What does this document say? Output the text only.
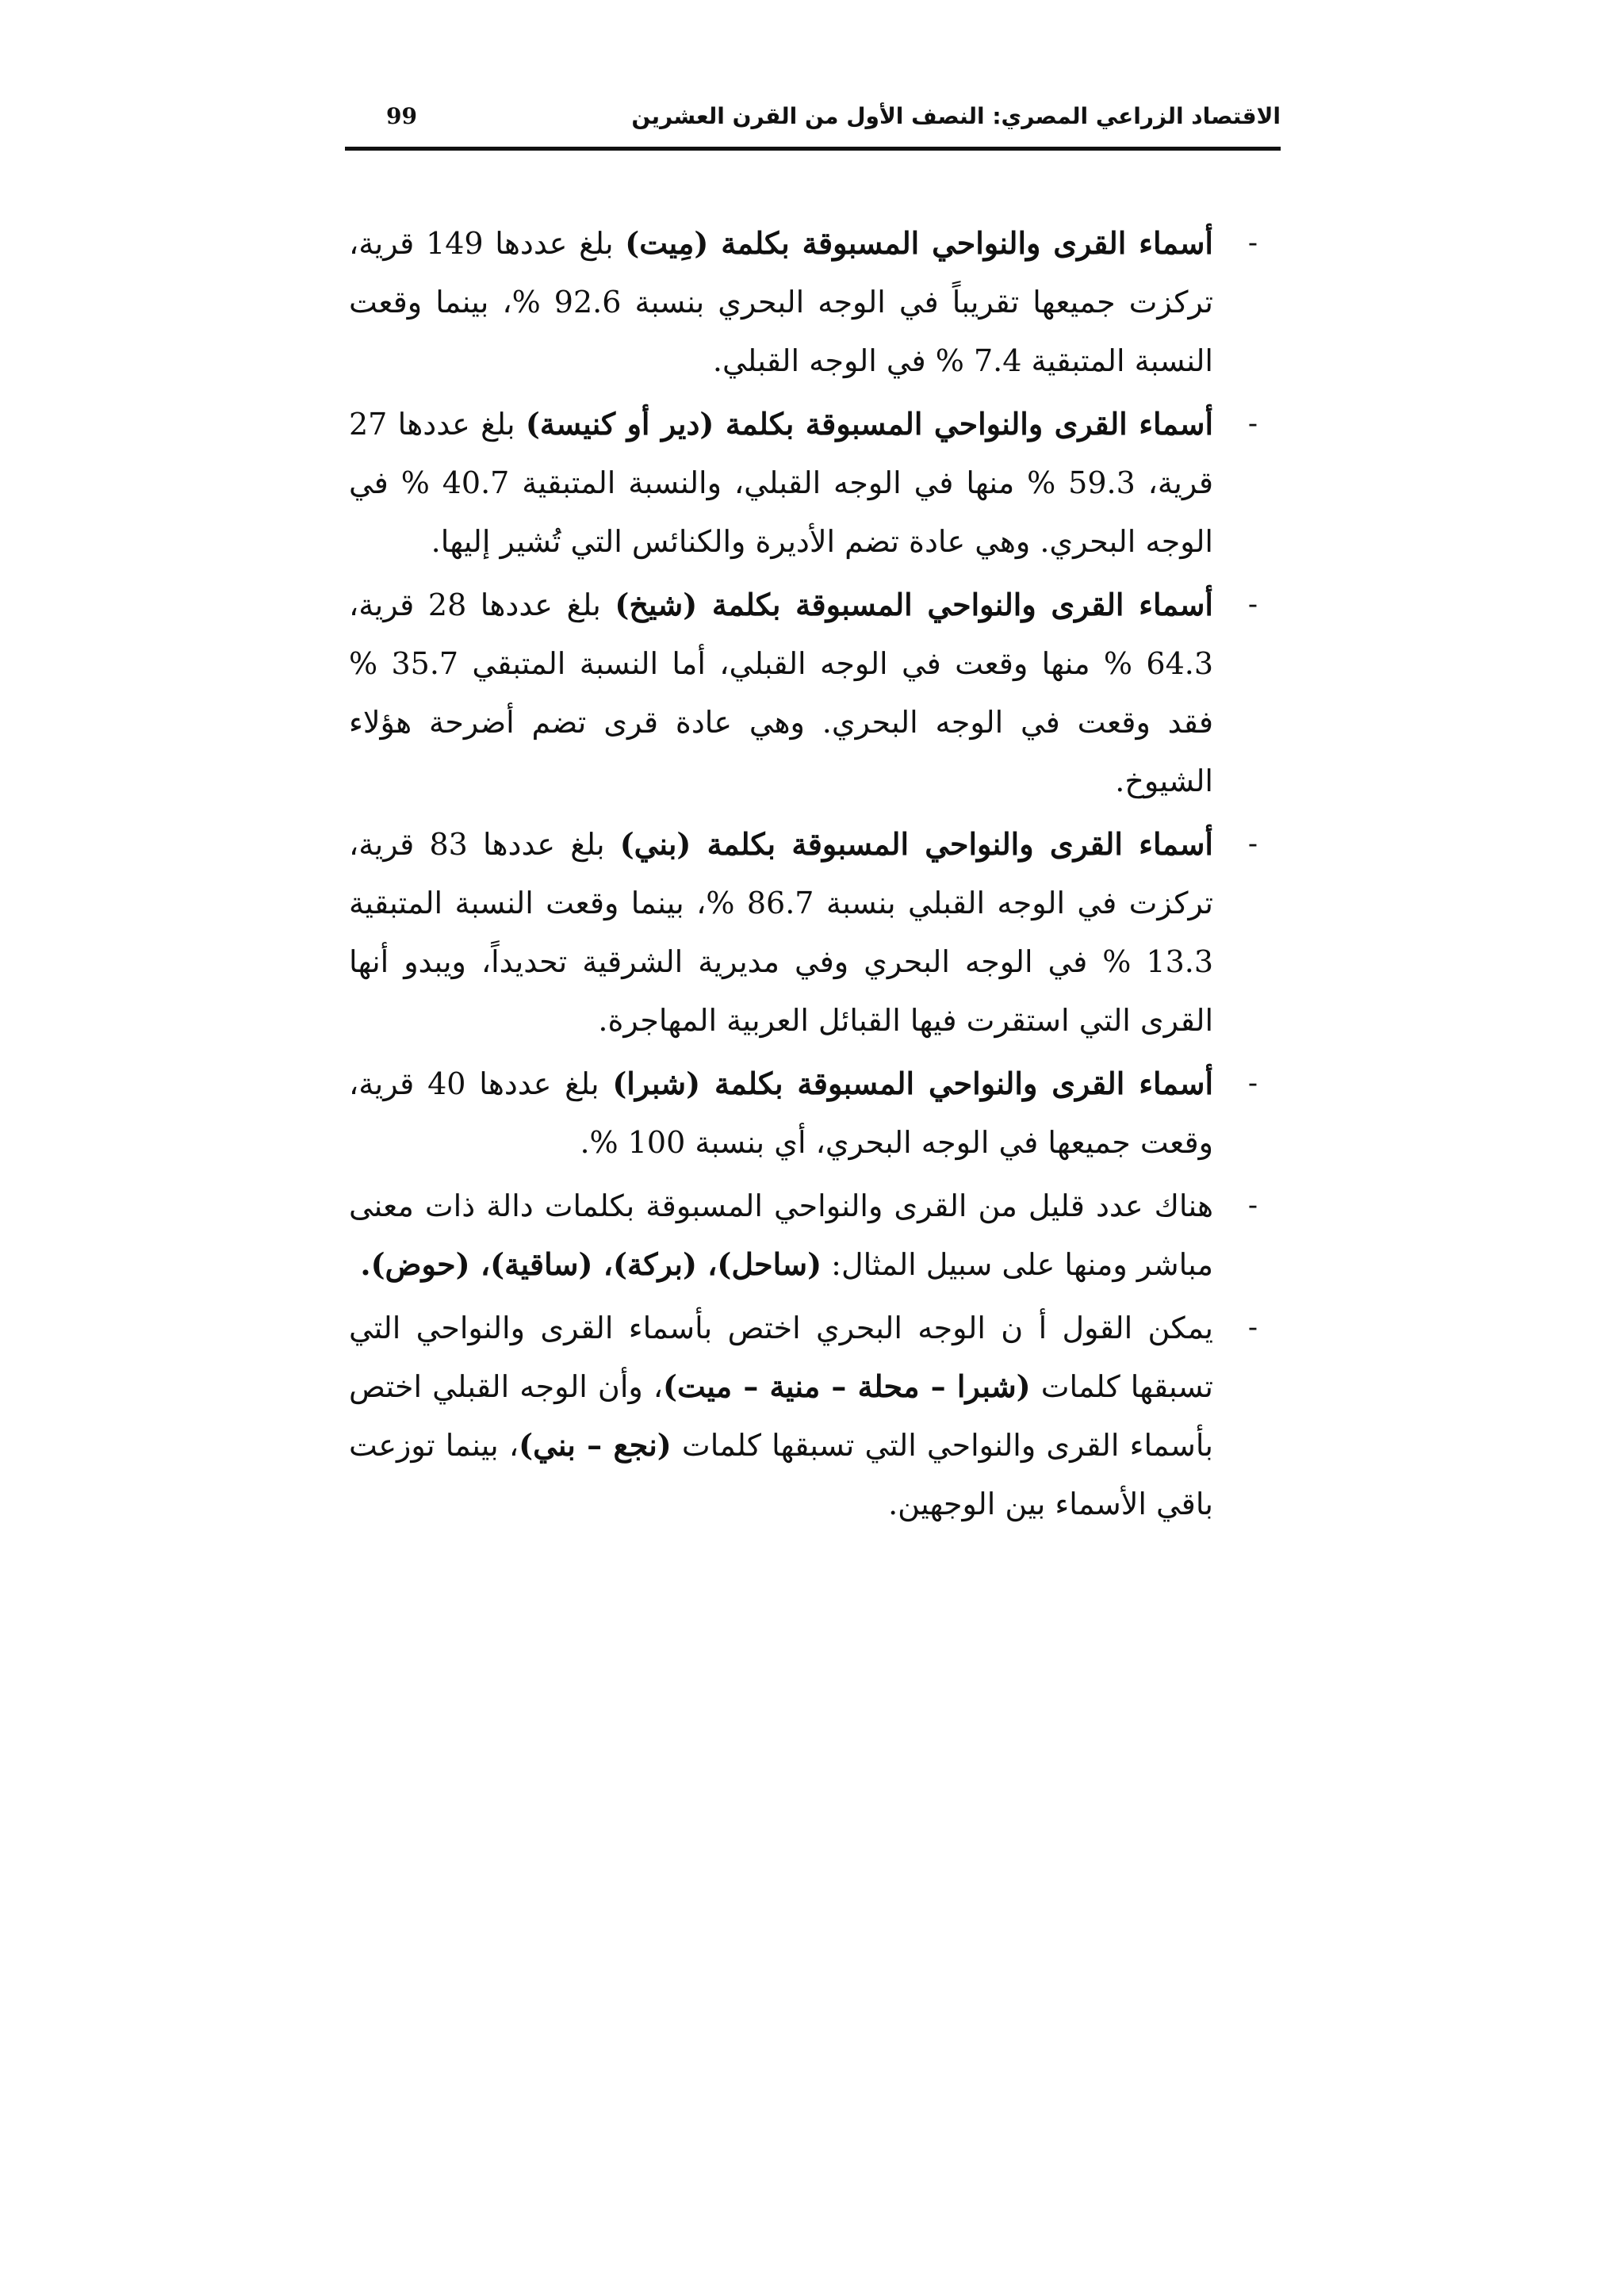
الاقتصاد الزراعي المصري: النصف الأول من القرن العشرين
99
-
أسماء القرى والنواحي المسبوقة بكلمة (مِيت) بلغ عددها 149 قرية، تركزت جميعها تقريباً في الوجه البحري بنسبة 92.6 %، بينما وقعت النسبة المتبقية 7.4 % في الوجه القبلي.
-
أسماء القرى والنواحي المسبوقة بكلمة (دير أو كنيسة) بلغ عددها 27 قرية، 59.3 % منها في الوجه القبلي، والنسبة المتبقية 40.7 % في الوجه البحري. وهي عادة تضم الأديرة والكنائس التي تُشير إليها.
-
أسماء القرى والنواحي المسبوقة بكلمة (شيخ) بلغ عددها 28 قرية، 64.3 % منها وقعت في الوجه القبلي، أما النسبة المتبقي 35.7 % فقد وقعت في الوجه البحري. وهي عادة قرى تضم أضرحة هؤلاء الشيوخ.
-
أسماء القرى والنواحي المسبوقة بكلمة (بني) بلغ عددها 83 قرية، تركزت في الوجه القبلي بنسبة 86.7 %، بينما وقعت النسبة المتبقية 13.3 % في الوجه البحري وفي مديرية الشرقية تحديداً، ويبدو أنها القرى التي استقرت فيها القبائل العربية المهاجرة.
-
أسماء القرى والنواحي المسبوقة بكلمة (شبرا) بلغ عددها 40 قرية، وقعت جميعها في الوجه البحري، أي بنسبة 100 %.
-
هناك عدد قليل من القرى والنواحي المسبوقة بكلمات دالة ذات معنى مباشر ومنها على سبيل المثال: (ساحل)، (بركة)، (ساقية)، (حوض).
-
يمكن القول أ ن الوجه البحري اختص بأسماء القرى والنواحي التي تسبقها كلمات (شبرا – محلة – منية – ميت)، وأن الوجه القبلي اختص بأسماء القرى والنواحي التي تسبقها كلمات (نجع – بني)، بينما توزعت باقي الأسماء بين الوجهين.
